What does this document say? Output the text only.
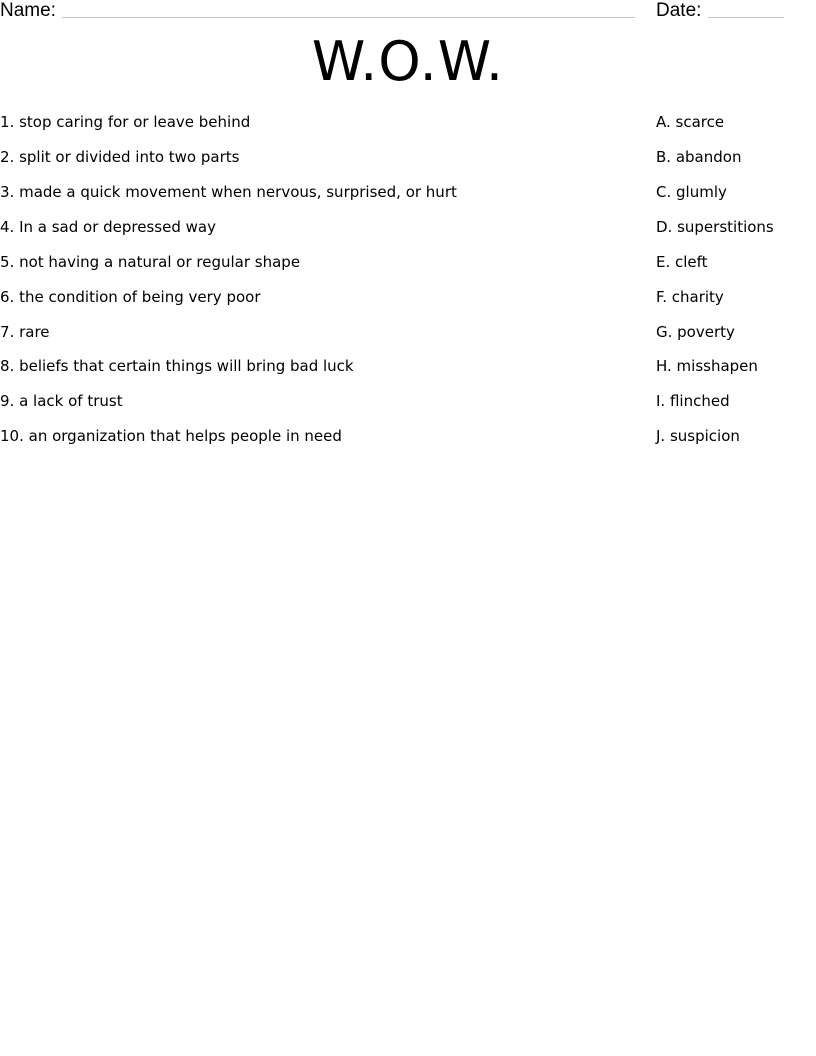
Name:	Date:
W.O.W.
1. stop caring for or leave behind	A. scarce
2. split or divided into two parts	B. abandon
3. made a quick movement when nervous, surprised, or hurt	C. glumly
4. In a sad or depressed way	D. superstitions
5. not having a natural or regular shape	E. cleft
6. the condition of being very poor	F. charity
7. rare	G. poverty
8. beliefs that certain things will bring bad luck	H. misshapen
9. a lack of trust	I. flinched
10. an organization that helps people in need	J. suspicion
